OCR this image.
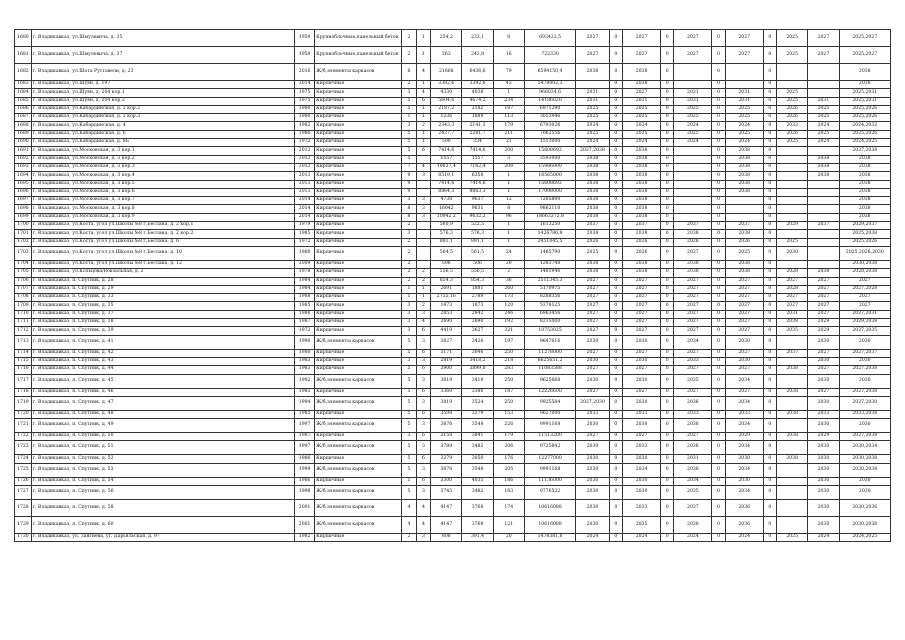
1680	г. Владикавказ, ул.Шмулевича, д. 35	1959	Крупноблочные,панельный бетон	2	1	254,2	233,1	8	693422,5	2027	0	2027	0	2027	0	2027	0	2025	2027	2025,2027
1681	г. Владикавказ, ул.Шмулевича, д. 37	1959	Крупноблочные,панельный бетон	2	1	263	242,8	16	722330	2027	0	2027	0	2027	0	2027	0	2025	2027	2025,2027
1682	г. Владикавказ, ул.Шота Руставели, д. 23	2016	Ж/б,элементы каркасов	6	4	21668	6436,6	79	6594150,4	2038	0	2038	0		0		0			2038
1683	г. Владикавказ, ул.Шувн, д. 197	2014	Кирпичные	2	1	3392,6	3392,6	43	5478002,3		0	2038	0		0		0			2038
1684	г. Владикавказ, ул.Шувн, д. 204 кор.1	1975	Кирпичные	3	4	4330	4036	1	966034,6	2031	0	2027	0	2031	0	2031	0	2025		2025,2031
1685	г. Владикавказ, ул.Шувн, д. 204 кор.2	1975	Кирпичные	5	6	5604,6	4674,2	234	14186020	2031	0	2031	0	2031	0	2031	0	2025	2031	2025,2031
1686	г. Владикавказ, ул.Кабардинская, д. 2 кор.2	1980	Кирпичные	5	1	2187,2	2182	187	6971290	2025	0	2025	0	2025	0	2025	0	2026	2025	2025,2026
1687	г. Владикавказ, ул.Кабардинская, д. 2 кор.3	1980	Кирпичные	1	1	1236	1889	113	3053946	2025	0	2025	0	2025	0	2025	0	2026	2025	2025,2026
1688	г. Владикавказ, ул.Кабардинская, д. 4	1982	Кирпичные	3	2	2343,3	2141,3	179	6793026	2024	0	2024	0	2024	0	2024	0	2032	2024	2024,2032
1689	г. Владикавказ, ул.Кабардинская, д. 6	1986	Кирпичные	5	1	2437,7	2281,7	211	7062556	2025	0	2025	0	2025	0	2025	0	2026	2025	2025,2026
1690	г. Владикавказ, ул.Кабардинская, д. 8Б	1972	Кирпичные	5	1	500	334	21	1513000	2024	0	2024	0	2024	0	2024	0	2025	2024	2024,2025
1691	г. Владикавказ, ул.Московская, д. 3 кор.1	2012	Кирпичные	5	6	7414,6	7414,6	200	15608692	2037,2038	0	2038	0		0	2038	0			2037,2038
1692	г. Владикавказ, ул.Московская, д. 3 кор.2	2012	Кирпичные	5		1557	1557	3	3593000	2038	0	2038	0		0	2038	0		2038	2038
1693	г. Владикавказ, ул.Московская, д. 3 кор.3	2012	Кирпичные	7	4	10627,4	7162,4	208	15986000	2038	0	2038	0		0	2038	0		2038	2038
1694	г. Владикавказ, ул.Московская, д. 3 кор.4	2013	Кирпичные	9	3	8519,1	6358	1	16565000	2038	0	2038	0		0	2038	0		2038	2038
1695	г. Владикавказ, ул.Московская, д. 3 кор.5	2013	Кирпичные	9		7414,6	7414,6	1	15608692	2038	0	2038	0		0	2038	0			2038
1696	г. Владикавказ, ул.Московская, д. 3 кор.6	2013	Кирпичные	9		8864,3	8863,3	1	17098000	2038	0	2038	0		0	2038	0			2038
1697	г. Владикавказ, ул.Московская, д. 3 кор.7	2014	Кирпичные	3	3	4738	9637	12	7205800	2038	0	2038	0		0		0			2038
1698	г. Владикавказ, ул.Московская, д. 3 кор.8	2014	Кирпичные	8	3	16042	9631	8	9862110	2038	0	2038	0		0		0			2038
1699	г. Владикавказ, ул.Московская, д. 3 кор.9	2014	Кирпичные	8	3	10942,2	9632,2	96	18663372,8	2038	0	2038	0		0		0			2038
1700	г. Владикавказ, ул.Коста, угол ул.Школы №8 г.Беслана, д. 2 кор.1	1979	Кирпичные	2		560,9	522,5	1	1613250	2037	0	2037	0	2037	0	2037	0	2029	2037	2029,2037
1701	г. Владикавказ, ул.Коста, угол ул.Школы №8 г.Беслана, д. 2 кор.2	1985	Кирпичные	3		576,3	576,3	1	1426786,8	2038	0	2038	0	2038	0	2038	0			2025,2038
1702	г. Владикавказ, ул.Коста, угол ул.Школы №8 г.Беслана, д. 6	1972	Кирпичные	2		891,1	891,1	1	2451045,5	2026	0	2026	0	2026	0	2026	0	2025		2025,2026
1703	г. Владикавказ, ул.Коста, угол ул.Школы №8 г.Беслана, д. 10	1980	Кирпичные	2		564,5	561,5	24	1465790	2025	0	2026	0	2027	0	2025	0	2030		2025,2026,2030
1704	г. Владикавказ, ул.Коста, угол ул.Школы №8 г.Беслана, д. 12	2009	Кирпичные	2		506	506	20	1283748	2038	0	2038	0	2038	0	2038	0			2030,2038
1705	г. Владикавказ, ул.Кольцова/Вокзальная, д. 2	1978	Кирпичные	2	2	556,5	556,5	2	1481946	2038	0	2038	0	2038	0	2038	0	2028	2038	2028,2038
1706	г. Владикавказ, п. Спутник, д. 28	1984	Кирпичные	2	2	854,3	854,3	36	2511345,3	2027	0	2027	0	2027	0	2027	0	2027	2027	2027
1707	г. Владикавказ, п. Спутник, д. 29	1984	Кирпичные	1	1	2691	1881	260	5170975	2027	0	2027	0	2027	0	2027	0	2028	2027	2027,2028
1708	г. Владикавказ, п. Спутник, д. 33	1988	Кирпичные	1	1	2755,16	2789	173	8288356	2027	0	2027	0	2027	0	2027	0	2027	2027	2027
1709	г. Владикавказ, п. Спутник, д. 35	1985	Кирпичные	3	2	1873	1873	120	5378125	2027	0	2027	0	2027	0	2027	0	2027	2027	2027
1710	г. Владикавказ, п. Спутник, д. 37	1986	Кирпичные	3	3	2853	2842	246	6963456	2027	0	2027	0	2027	0	2027	0	2031	2027	2027,2031
1711	г. Владикавказ, п. Спутник, д. 38	1987	Кирпичные	3	4	2690	2690	192	8215000	2027	0	2027	0	2027	0	2027	0	2038	2029	2029,2038
1712	г. Владикавказ, п. Спутник, д. 39	1972	Кирпичные	3	6	4419	3627	321	10753025	2027	0	2027	0	2027	0	2027	0	2035	2029	2027,2035
1713	г. Владикавказ, п. Спутник, д. 41	1990	Ж/б,элементы каркасов	5	3	3827	3426	197	9647616	2030	0	2030	0	2034	0	2030	0		2030	2030
1714	г. Владикавказ, п. Спутник, д. 42	1980	Кирпичные	5	6	3171	3046	250	11278000	2027	0	2027	0	2027	0	2027	0	2037	2027	2027,2037
1715	г. Владикавказ, п. Спутник, д. 43	1983	Кирпичные	3	3	2819	3418,2	218	6625651,2	2030	0	2030	0	2033	0	2030	0		2030	2030
1716	г. Владикавказ, п. Спутник, д. 44	1983	Кирпичные	5	6	3900	3899,8	283	11083588	2027	0	2027	0	2027	0	2027	0	2038	2027	2027,2038
1717	г. Владикавказ, п. Спутник, д. 45	1992	Ж/б,элементы каркасов	5	3	3819	3418	250	9625668	2030	0	2030	0	2035	0	2034	0		2030	2030
1718	г. Владикавказ, п. Спутник, д. 46	1983	Кирпичные	5	6	3360	3380	187	12226600	2027	0	2027	0	2027	0	2027	0	2038	2027	2027,2038
1719	г. Владикавказ, п. Спутник, д. 47	1994	Ж/б,элементы каркасов	5	3	3819	3524	250	9925584	2027,2030	0	2030	0	2036	0	2034	0		2030	2027,2030
1720	г. Владикавказ, п. Спутник, д. 48	1985	Кирпичные	5	6	3598	3379	153	9627000	2033	0	2033	0	2033	0	2033	0	2038	2033	2033,2038
1721	г. Владикавказ, п. Спутник, д. 49	1997	Ж/б,элементы каркасов	5	3	3876	3548	226	9991168	2030	0	2030	0	2036	0	2034	0		2030	2030
1722	г. Владикавказ, п. Спутник, д. 50	1987	Кирпичные	3	6	3158	3841	179	11513200	2027	0	2027	0	2027	0	2029	0	2038	2029	2027,2038
1723	г. Владикавказ, п. Спутник, д. 51	1997	Ж/б,элементы каркасов	5	3	3789	3482	206	9725842	2030	0	2033	0	2036	0	2034	0		2030	2030,2034
1724	г. Владикавказ, п. Спутник, д. 52	1986	Кирпичные	5	6	3279	3050	176	12277000	2030	0	2030	0	2031	0	2030	0	2038	2030	2030,2038
1725	г. Владикавказ, п. Спутник, д. 53	1999	Ж/б,элементы каркасов	5	3	3876	3548	205	9991168	2030	0	2034	0	2036	0	2034	0		2030	2030,2034
1726	г. Владикавказ, п. Спутник, д. 54	1986	Кирпичные	5	6	3300	4035	186	11136000	2030	0	2030	0	2034	0	2030	0		2030	2030
1727	г. Владикавказ, п. Спутник, д. 56	1998	Ж/б,элементы каркасов	5	3	3745	3482	183	9776532	2030	0	2030	0	2035	0	2034	0		2030	2030
1728	г. Владикавказ, п. Спутник, д. 58	2001	Ж/б,элементы каркасов	4	4	4147	3768	174	10616088	2030	0	2033	0	2037	0	2036	0		2030	2030,2036
1729	г. Владикавказ, п. Спутник, д. 60	2001	Ж/б,элементы каркасов	4	4	4147	3768	121	10616088	2030	0	2035	0	2038	0	2036	0		2030	2030,2038
1730	г. Владикавказ, ул. Зангиева, уг. Дарьяльская, д. 97	1982	Кирпичные	2	3	806	391,4	20	1478381,8	2024	0	2024	0	2024	0	2024	0	2025	2024	2024,2025
